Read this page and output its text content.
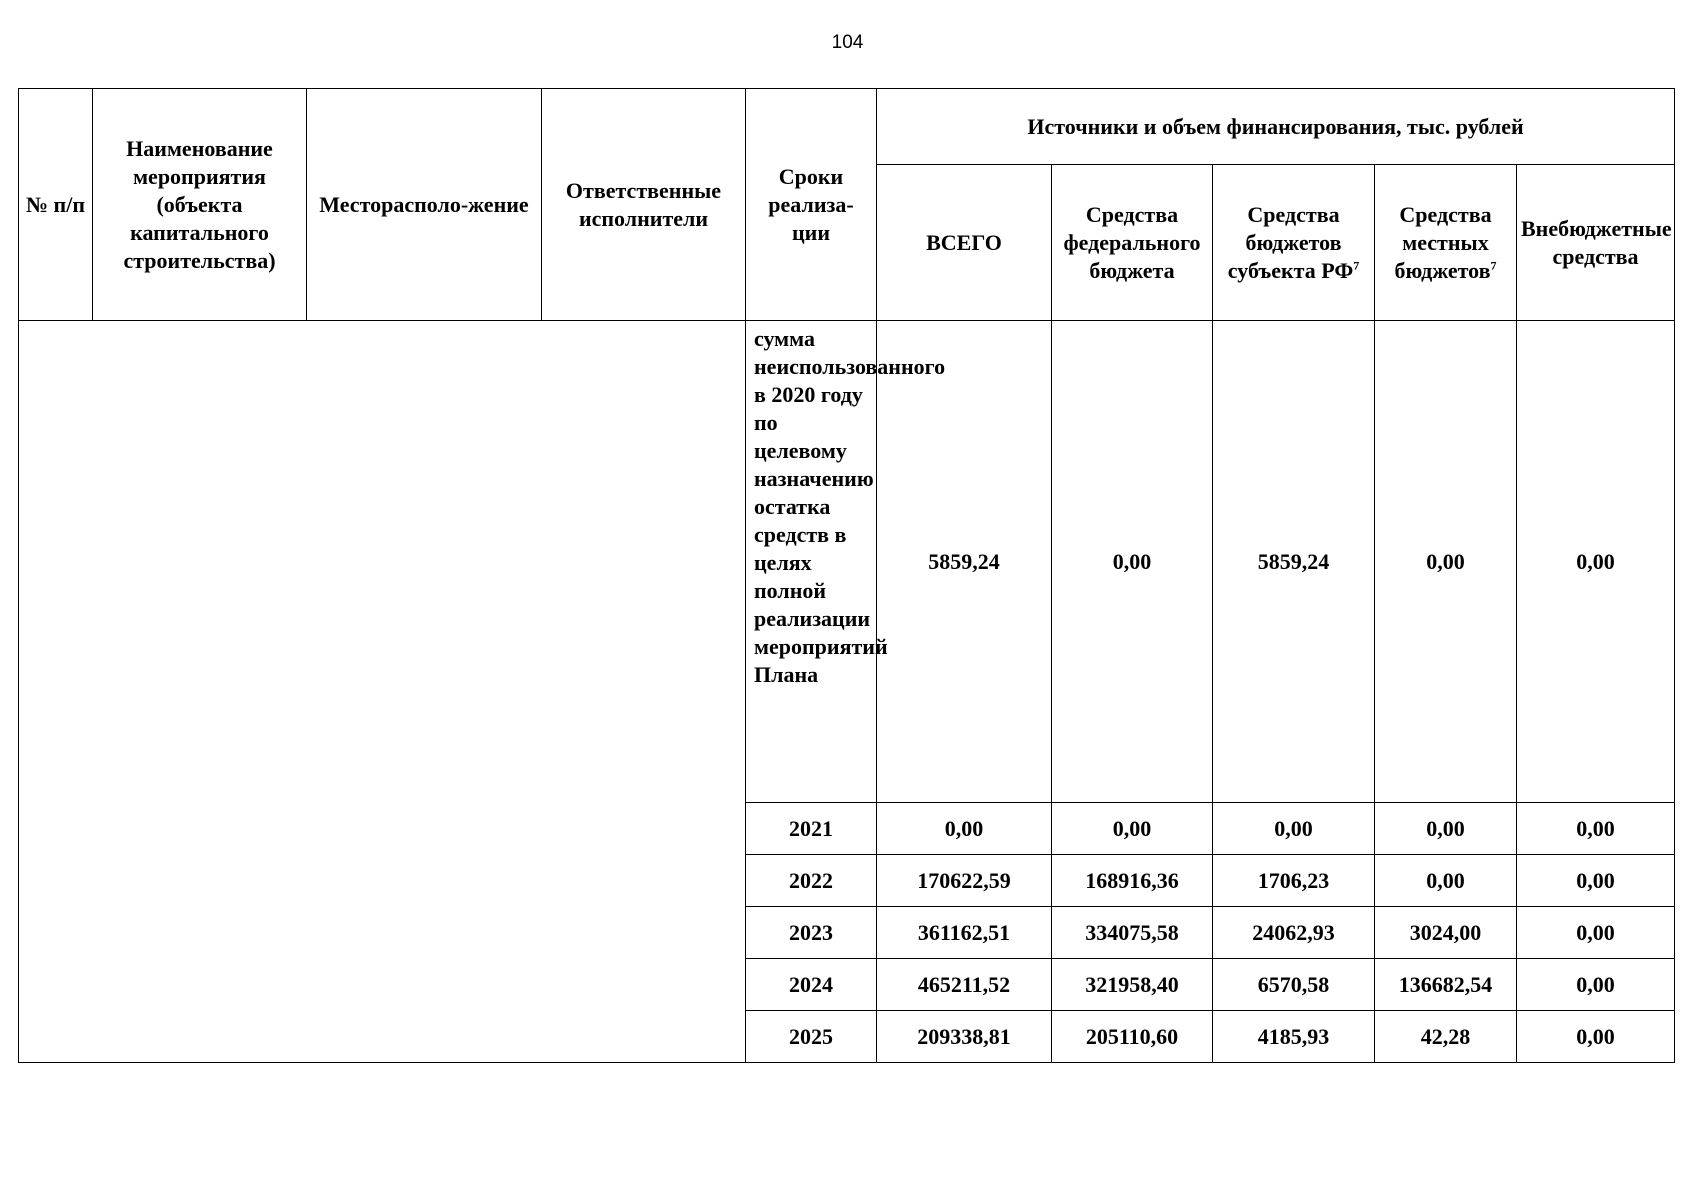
104
№ п/п	Наименование мероприятия (объекта капитального строительства)	Месторасполо-жение	Ответственные исполнители	Сроки реализа-ции	Источники и объем финансирования, тыс. рублей				
					ВСЕГО	Средства федерального бюджета	Средства бюджетов субъекта $РФ^7$	Средства местных бюджетов$^7$	Внебюджетные средства
				сумма неиспользованного в 2020 году по целевому назначению остатка средств в целях полной реализации мероприятий Плана	5859,24	0,00	5859,24	0,00	0,00
				2021	0,00	0,00	0,00	0,00	0,00
				2022	170622,59	168916,36	1706,23	0,00	0,00
				2023	361162,51	334075,58	24062,93	3024,00	0,00
				2024	465211,52	321958,40	6570,58	136682,54	0,00
				2025	209338,81	205110,60	4185,93	42,28	0,00
